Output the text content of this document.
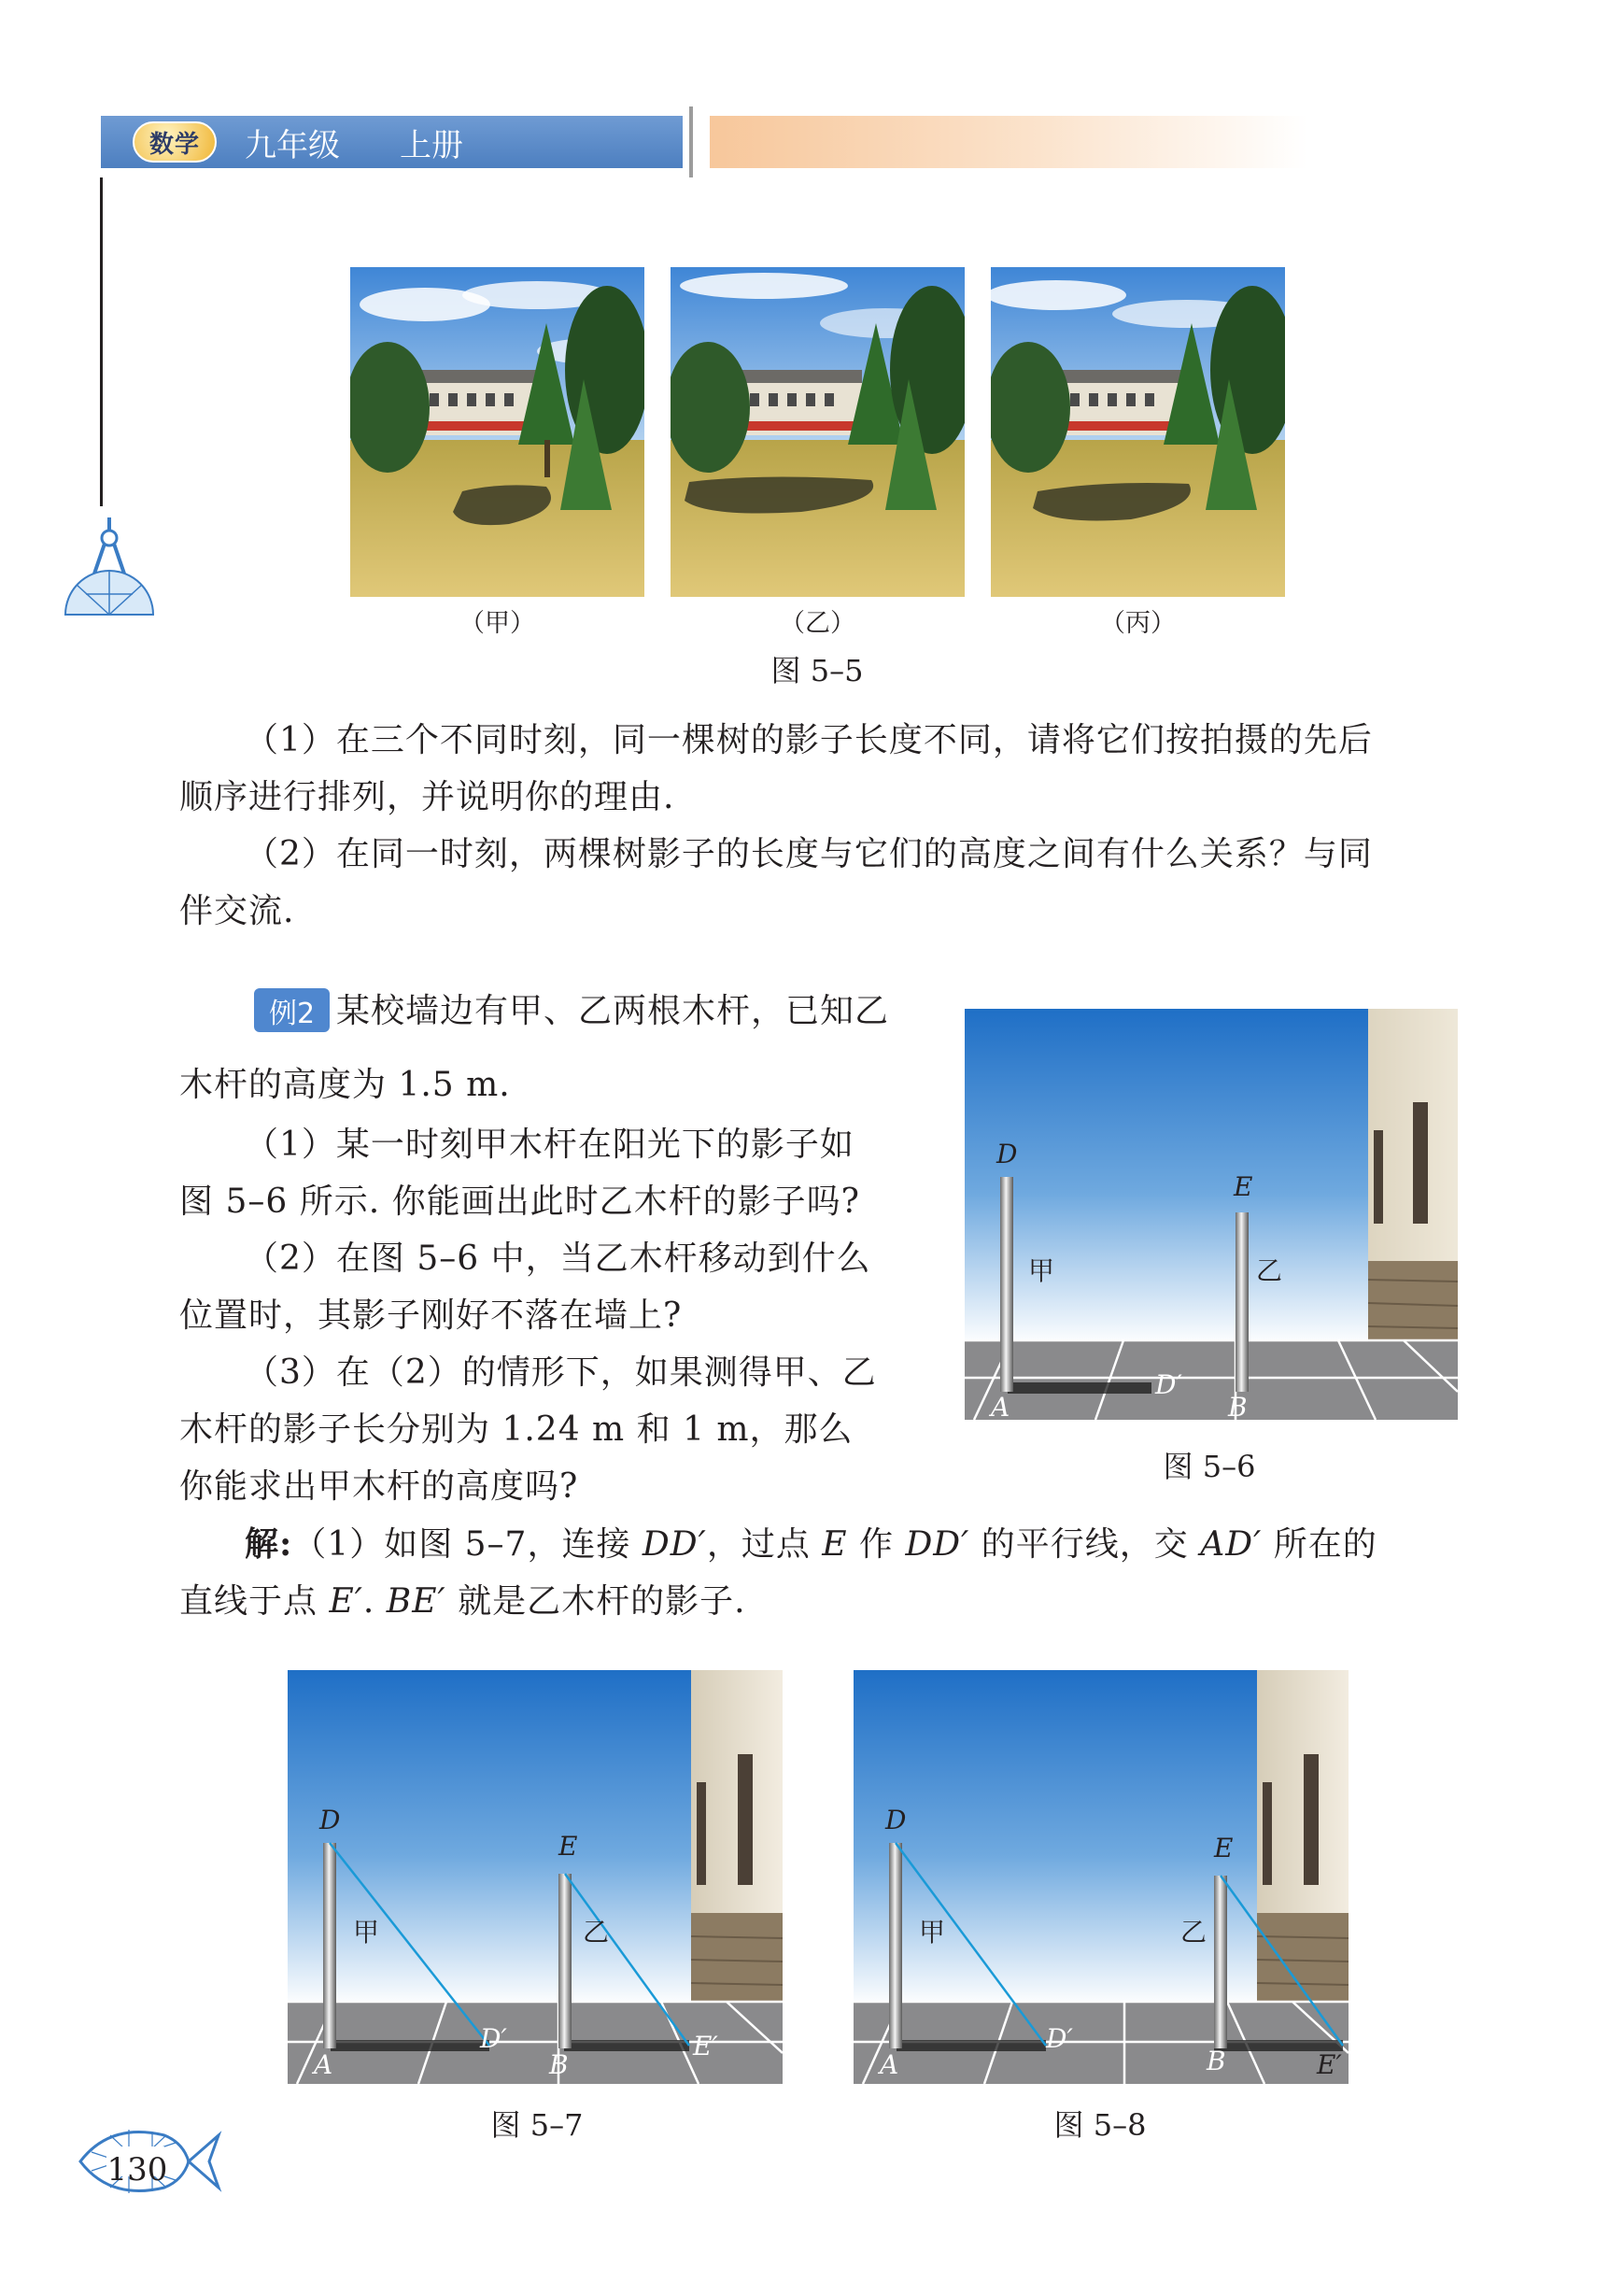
数学	九年级 上册
（甲）	（乙）	（丙）
图 5–5
（1）在三个不同时刻，同一棵树的影子长度不同，请将它们按拍摄的先后
顺序进行排列，并说明你的理由.
（2）在同一时刻，两棵树影子的长度与它们的高度之间有什么关系？与同
伴交流.
例2 某校墙边有甲、乙两根木杆，已知乙
木杆的高度为 1.5 m.
（1）某一时刻甲木杆在阳光下的影子如
图 5–6 所示. 你能画出此时乙木杆的影子吗?
（2）在图 5–6 中，当乙木杆移动到什么
位置时，其影子刚好不落在墙上?
（3）在（2）的情形下，如果测得甲、乙
木杆的影子长分别为 1.24 m 和 1 m，那么
你能求出甲木杆的高度吗?
D
E
甲	乙
A	B
D′
图 5–6
解:（1）如图 5–7，连接 DD′，过点 E 作 DD′ 的平行线，交 AD′ 所在的
直线于点 E′. BE′ 就是乙木杆的影子.
D
E
甲	乙
A	B
D′	E′
图 5–7
D
E
甲	乙
A	B
D′
E′
图 5–8
130
